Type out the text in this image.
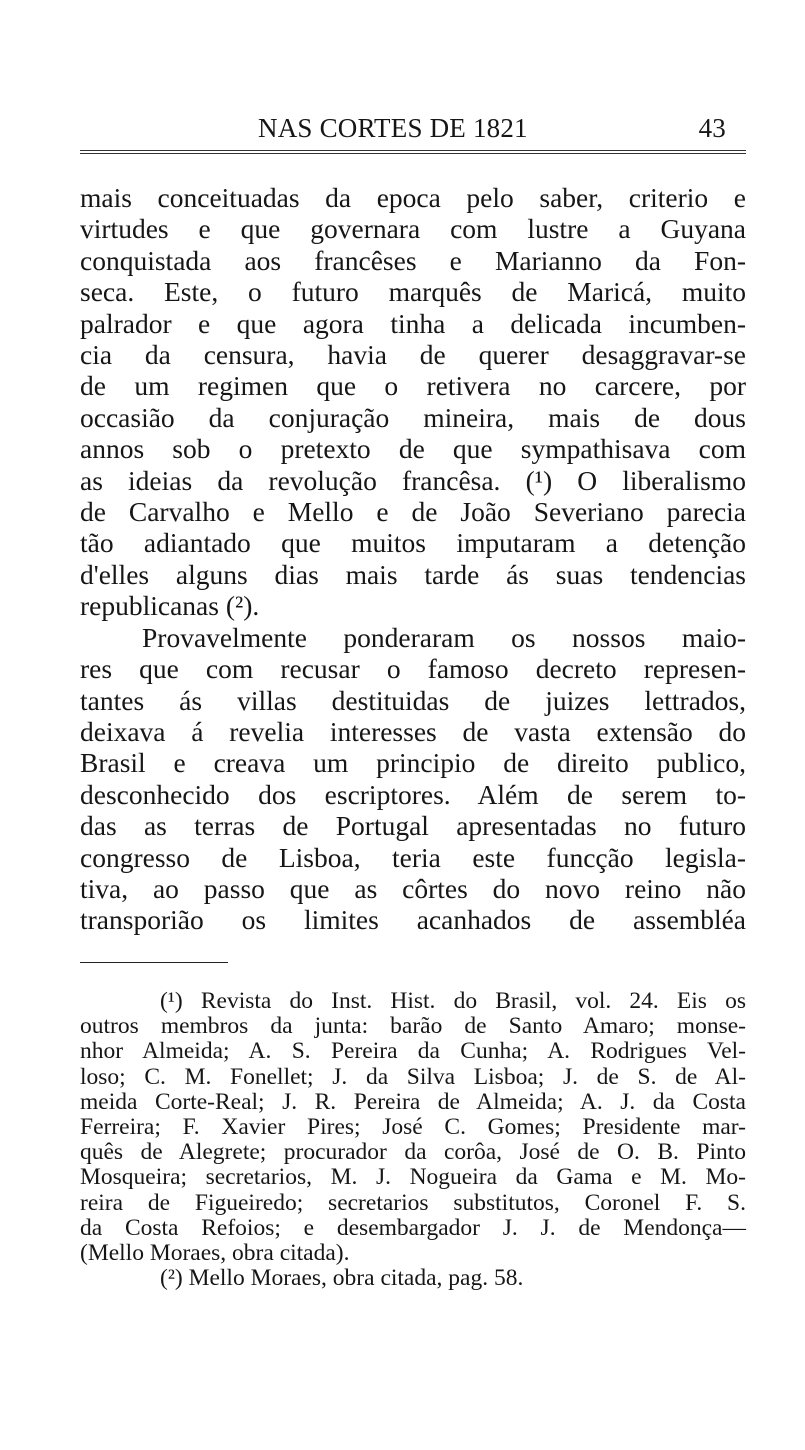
NAS CORTES DE 1821	43
mais conceituadas da epoca pelo saber, criterio e
virtudes e que governara com lustre a Guyana
conquistada aos francêses e Marianno da Fon-
seca. Este, o futuro marquês de Maricá, muito
palrador e que agora tinha a delicada incumben-
cia da censura, havia de querer desaggravar-se
de um regimen que o retivera no carcere, por
occasião da conjuração mineira, mais de dous
annos sob o pretexto de que sympathisava com
as ideias da revolução francêsa. (¹) O liberalismo
de Carvalho e Mello e de João Severiano parecia
tão adiantado que muitos imputaram a detenção
d'elles alguns dias mais tarde ás suas tendencias
republicanas (²).
Provavelmente ponderaram os nossos maio-
res que com recusar o famoso decreto represen-
tantes ás villas destituidas de juizes lettrados,
deixava á revelia interesses de vasta extensão do
Brasil e creava um principio de direito publico,
desconhecido dos escriptores. Além de serem to-
das as terras de Portugal apresentadas no futuro
congresso de Lisboa, teria este funcção legisla-
tiva, ao passo que as côrtes do novo reino não
transporião os limites acanhados de assembléa
(¹) Revista do Inst. Hist. do Brasil, vol. 24. Eis os
outros membros da junta: barão de Santo Amaro; monse-
nhor Almeida; A. S. Pereira da Cunha; A. Rodrigues Vel-
loso; C. M. Fonellet; J. da Silva Lisboa; J. de S. de Al-
meida Corte-Real; J. R. Pereira de Almeida; A. J. da Costa
Ferreira; F. Xavier Pires; José C. Gomes; Presidente mar-
quês de Alegrete; procurador da corôa, José de O. B. Pinto
Mosqueira; secretarios, M. J. Nogueira da Gama e M. Mo-
reira de Figueiredo; secretarios substitutos, Coronel F. S.
da Costa Refoios; e desembargador J. J. de Mendonça—
(Mello Moraes, obra citada).
(²) Mello Moraes, obra citada, pag. 58.
